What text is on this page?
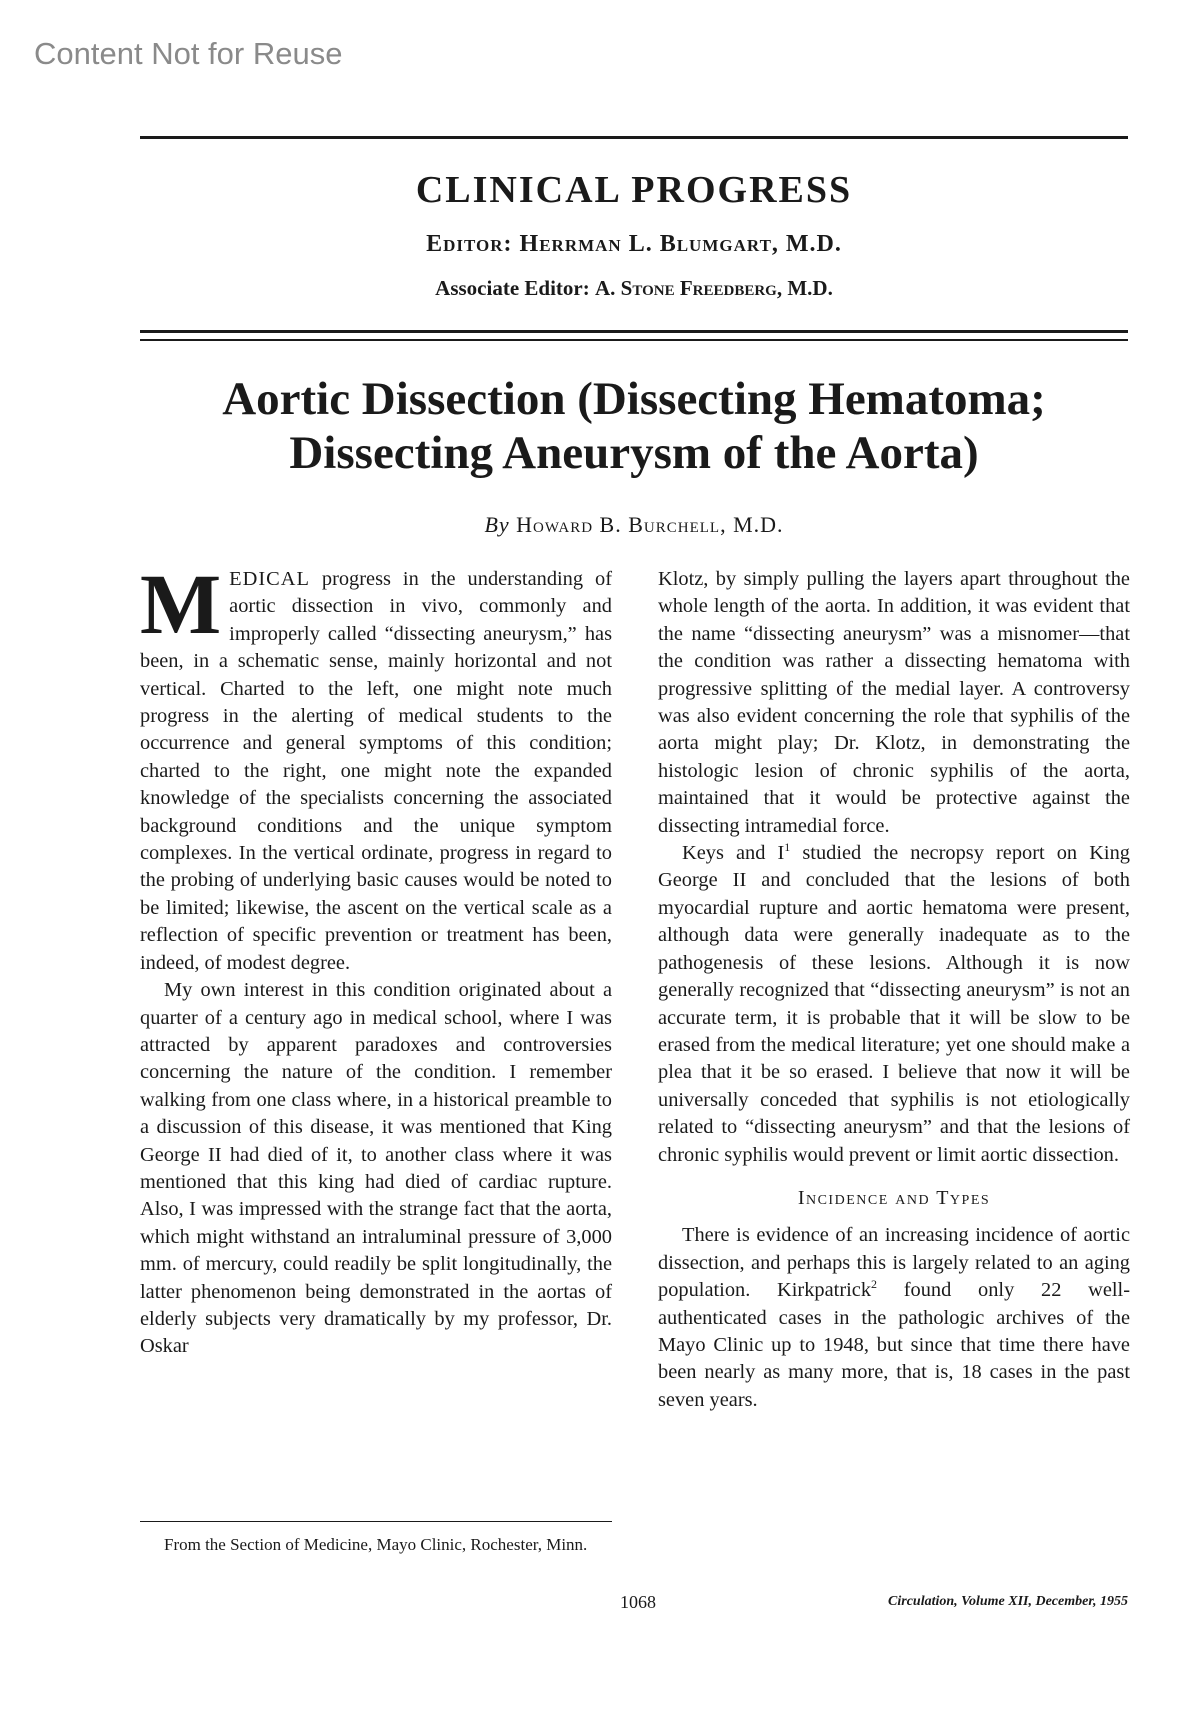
Content Not for Reuse
CLINICAL PROGRESS
Editor: Herrman L. Blumgart, M.D.
Associate Editor: A. Stone Freedberg, M.D.
Aortic Dissection (Dissecting Hematoma; Dissecting Aneurysm of the Aorta)
By Howard B. Burchell, M.D.

MEDICAL progress in the understanding of aortic dissection in vivo, commonly and improperly called “dissecting aneurysm,” has been, in a schematic sense, mainly horizontal and not vertical. Charted to the left, one might note much progress in the alerting of medical students to the occurrence and general symptoms of this condition; charted to the right, one might note the expanded knowledge of the specialists concerning the associated background conditions and the unique symptom complexes. In the vertical ordinate, progress in regard to the probing of underlying basic causes would be noted to be limited; likewise, the ascent on the vertical scale as a reflection of specific prevention or treatment has been, indeed, of modest degree.

My own interest in this condition originated about a quarter of a century ago in medical school, where I was attracted by apparent paradoxes and controversies concerning the nature of the condition. I remember walking from one class where, in a historical preamble to a discussion of this disease, it was mentioned that King George II had died of it, to another class where it was mentioned that this king had died of cardiac rupture. Also, I was impressed with the strange fact that the aorta, which might withstand an intraluminal pressure of 3,000 mm. of mercury, could readily be split longitudinally, the latter phenomenon being demonstrated in the aortas of elderly subjects very dramatically by my professor, Dr. Oskar

Klotz, by simply pulling the layers apart throughout the whole length of the aorta. In addition, it was evident that the name “dissecting aneurysm” was a misnomer—that the condition was rather a dissecting hematoma with progressive splitting of the medial layer. A controversy was also evident concerning the role that syphilis of the aorta might play; Dr. Klotz, in demonstrating the histologic lesion of chronic syphilis of the aorta, maintained that it would be protective against the dissecting intramedial force.

Keys and $I^1$ studied the necropsy report on King George II and concluded that the lesions of both myocardial rupture and aortic hematoma were present, although data were generally inadequate as to the pathogenesis of these lesions. Although it is now generally recognized that “dissecting aneurysm” is not an accurate term, it is probable that it will be slow to be erased from the medical literature; yet one should make a plea that it be so erased. I believe that now it will be universally conceded that syphilis is not etiologically related to “dissecting aneurysm” and that the lesions of chronic syphilis would prevent or limit aortic dissection.

Incidence and Types

There is evidence of an increasing incidence of aortic dissection, and perhaps this is largely related to an aging population. Kirkpatrick$^2$ found only 22 well-authenticated cases in the pathologic archives of the Mayo Clinic up to 1948, but since that time there have been nearly as many more, that is, 18 cases in the past seven years.

From the Section of Medicine, Mayo Clinic, Rochester, Minn.
1068	Circulation, Volume XII, December, 1955
